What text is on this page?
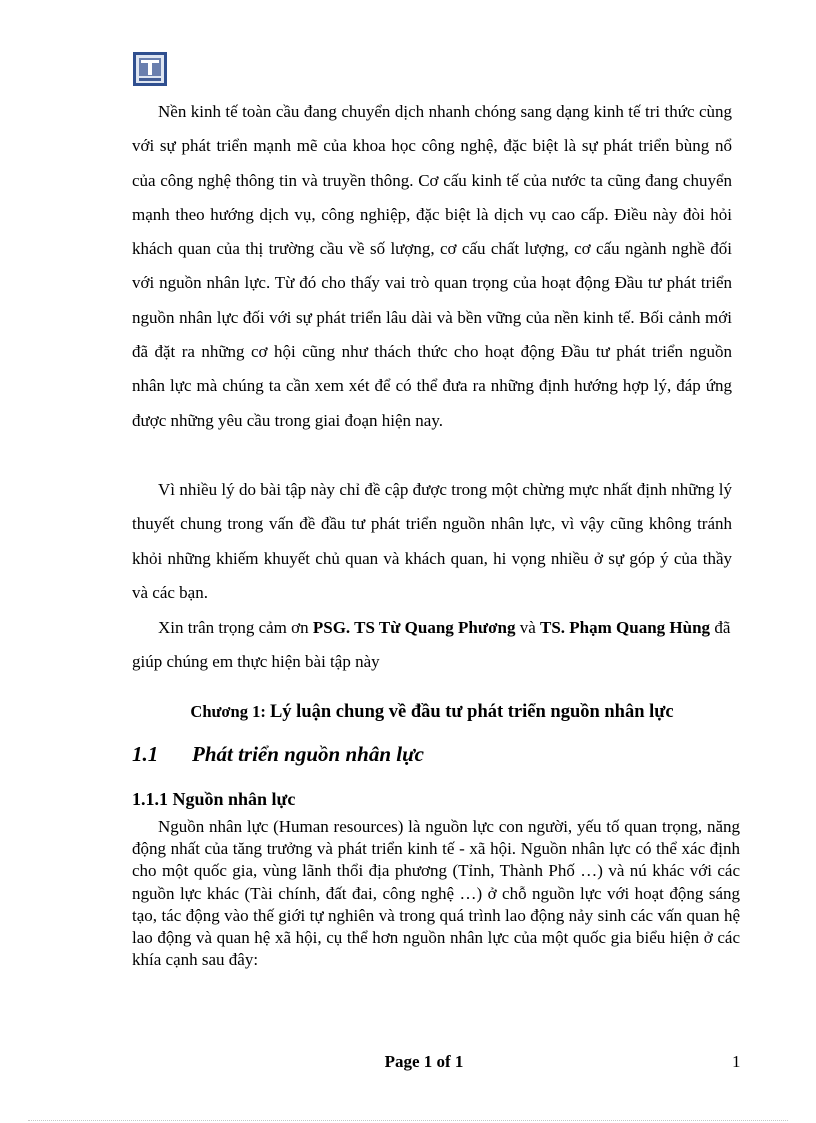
Nền kinh tế toàn cầu đang chuyển dịch nhanh chóng sang dạng kinh tế tri thức cùng với sự phát triển mạnh mẽ của khoa học công nghệ, đặc biệt là sự phát triển bùng nổ của công nghệ thông tin và truyền thông. Cơ cấu kinh tế của nước ta cũng đang chuyển mạnh theo hướng dịch vụ, công nghiệp, đặc biệt là dịch vụ cao cấp. Điều này đòi hỏi khách quan của thị trường cầu về số lượng, cơ cấu chất lượng, cơ cấu ngành nghề đối với nguồn nhân lực. Từ đó cho thấy vai trò quan trọng của hoạt động Đầu tư phát triển nguồn nhân lực đối với sự phát triển lâu dài và bền vững của nền kinh tế. Bối cảnh mới đã đặt ra những cơ hội cũng như thách thức cho hoạt động Đầu tư phát triển nguồn nhân lực mà chúng ta cần xem xét để có thể đưa ra những định hướng hợp lý, đáp ứng được những yêu cầu trong giai đoạn hiện nay.
Vì nhiều lý do bài tập này chỉ đề cập được trong một chừng mực nhất định những lý thuyết chung trong vấn đề đầu tư phát triển nguồn nhân lực, vì vậy cũng không tránh khỏi những khiếm khuyết chủ quan và khách quan, hi vọng nhiều ở sự góp ý của thầy và các bạn.
Xin trân trọng cảm ơn PSG. TS Từ Quang Phương và TS. Phạm Quang Hùng đã giúp chúng em thực hiện bài tập này
Chương 1: Lý luận chung về đầu tư phát triển nguồn nhân lực
1.1 Phát triển nguồn nhân lực
1.1.1 Nguồn nhân lực
Nguồn nhân lực (Human resources) là nguồn lực con người, yếu tố quan trọng, năng động nhất của tăng trưởng và phát triển kinh tế - xã hội. Nguồn nhân lực có thể xác định cho một quốc gia, vùng lãnh thổi địa phương (Tỉnh, Thành Phố …) và nú khác với các nguồn lực khác (Tài chính, đất đai, công nghệ …) ở chỗ nguồn lực với hoạt động sáng tạo, tác động vào thế giới tự nghiên và trong quá trình lao động nảy sinh các vấn quan hệ lao động và quan hệ xã hội, cụ thể hơn nguồn nhân lực của một quốc gia biểu hiện ở các khía cạnh sau đây:
Page 1 of 1	1
